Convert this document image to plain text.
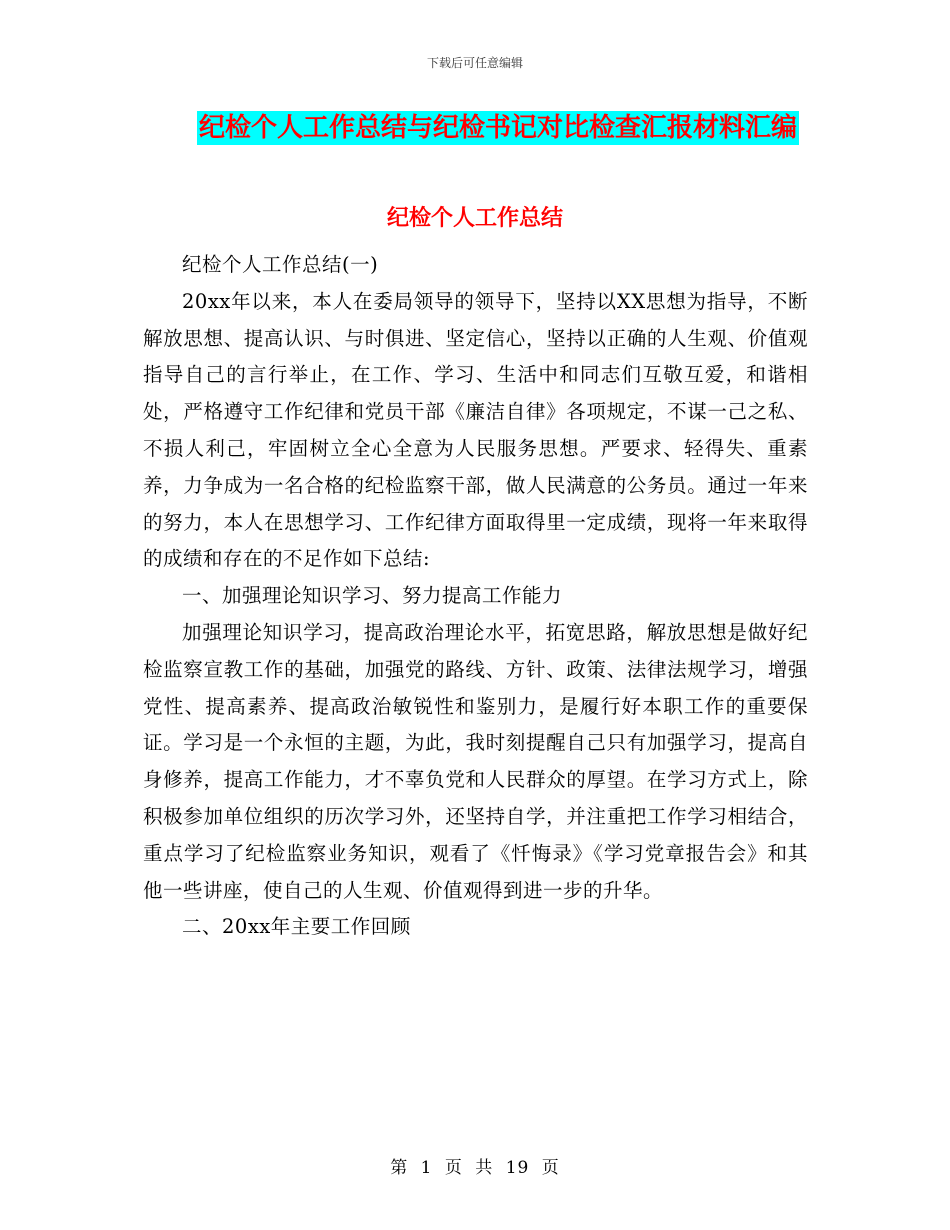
下载后可任意编辑
纪检个人工作总结与纪检书记对比检查汇报材料汇编
纪检个人工作总结

纪检个人工作总结(一)

20xx年以来，本人在委局领导的领导下，坚持以XX思想为指导，不断解放思想、提高认识、与时俱进、坚定信心，坚持以正确的人生观、价值观指导自己的言行举止，在工作、学习、生活中和同志们互敬互爱，和谐相处，严格遵守工作纪律和党员干部《廉洁自律》各项规定，不谋一己之私、不损人利己，牢固树立全心全意为人民服务思想。严要求、轻得失、重素养，力争成为一名合格的纪检监察干部，做人民满意的公务员。通过一年来的努力，本人在思想学习、工作纪律方面取得里一定成绩，现将一年来取得的成绩和存在的不足作如下总结:

一、加强理论知识学习、努力提高工作能力

加强理论知识学习，提高政治理论水平，拓宽思路，解放思想是做好纪检监察宣教工作的基础，加强党的路线、方针、政策、法律法规学习，增强党性、提高素养、提高政治敏锐性和鉴别力，是履行好本职工作的重要保证。学习是一个永恒的主题，为此，我时刻提醒自己只有加强学习，提高自身修养，提高工作能力，才不辜负党和人民群众的厚望。在学习方式上，除积极参加单位组织的历次学习外，还坚持自学，并注重把工作学习相结合，重点学习了纪检监察业务知识，观看了《忏悔录》《学习党章报告会》和其他一些讲座，使自己的人生观、价值观得到进一步的升华。

二、20xx年主要工作回顾

第 1 页 共 19 页
